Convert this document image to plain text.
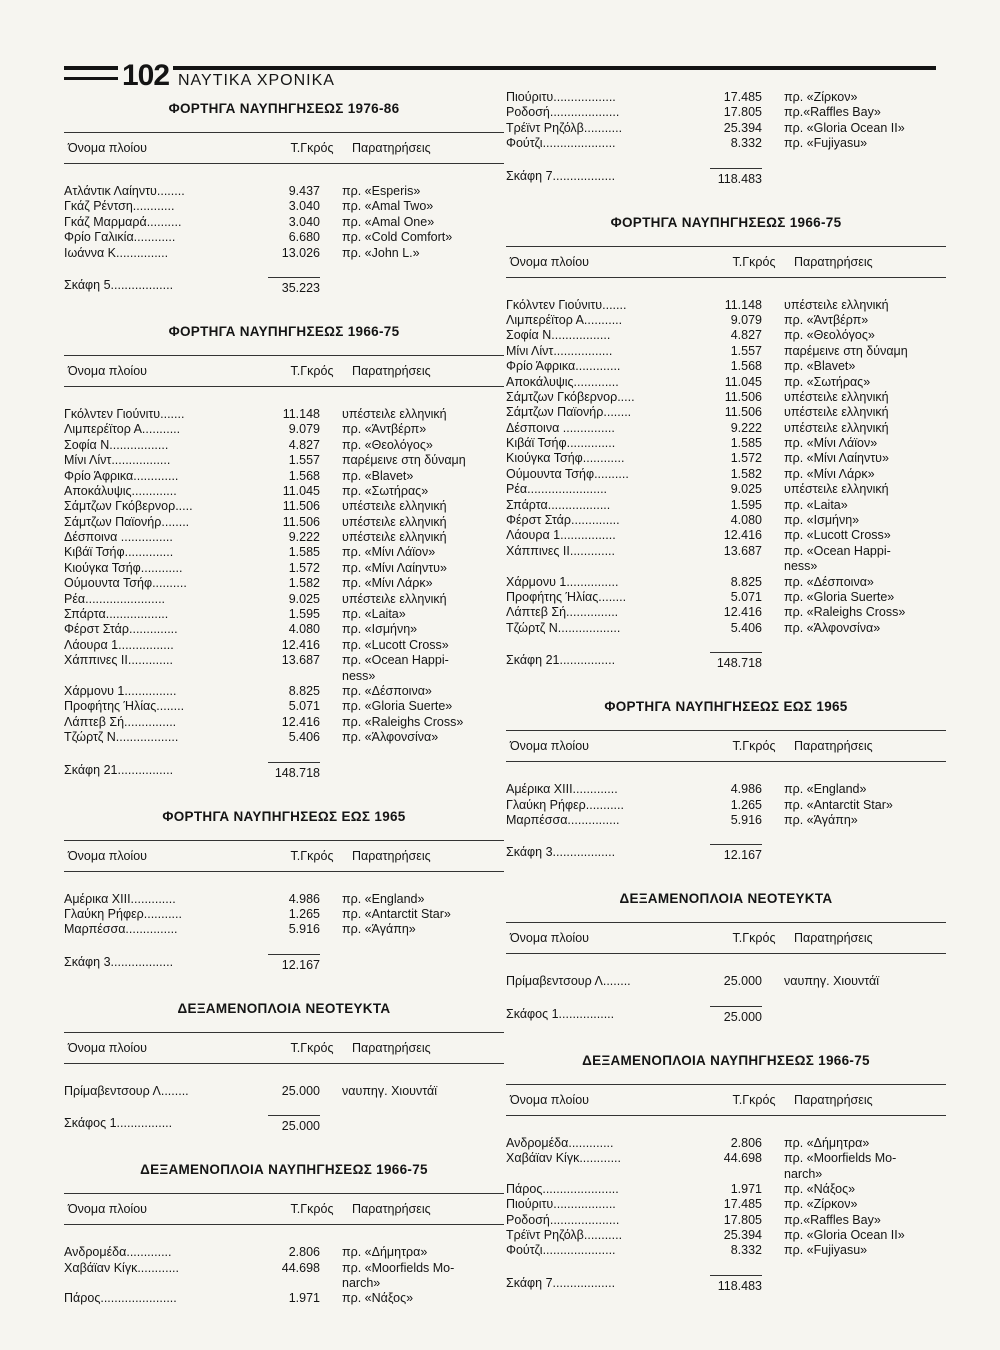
102 ΝΑΥΤΙΚΑ ΧΡΟΝΙΚΑ
ΦΟΡΤΗΓΑ ΝΑΥΠΗΓΗΣΕΩΣ 1976-86
Όνομα πλοίου	Τ.Γκρός	Παρατηρήσεις
Ατλάντικ Λαίηντυ........	9.437	πρ. «Esperis»
Γκάζ Ρέντση............	3.040	πρ. «Amal Two»
Γκάζ Μαρμαρά..........	3.040	πρ. «Amal One»
Φρίο Γαλικία............	6.680	πρ. «Cold Comfort»
Ιωάννα Κ...............	13.026	πρ. «John L.»
Σκάφη 5..................	35.223
ΦΟΡΤΗΓΑ ΝΑΥΠΗΓΗΣΕΩΣ 1966-75
Όνομα πλοίου	Τ.Γκρός	Παρατηρήσεις
Γκόλντεν Γιούνιτυ.......	11.148	υπέστειλε ελληνική
Λιμπερέϊτορ Α...........	9.079	πρ. «Άντβέρπ»
Σοφία Ν.................	4.827	πρ. «Θεολόγος»
Μίνι Λίντ.................	1.557	παρέμεινε στη δύναμη
Φρίο Άφρικα.............	1.568	πρ. «Blavet»
Αποκάλυψις.............	11.045	πρ. «Σωτήρας»
Σάμτζων Γκόβερνορ.....	11.506	υπέστειλε ελληνική
Σάμτζων Παϊονήρ........	11.506	υπέστειλε ελληνική
Δέσποινα ...............	9.222	υπέστειλε ελληνική
Κιβάϊ Τσήφ..............	1.585	πρ. «Μίνι Λάϊον»
Κιούγκα Τσήφ............	1.572	πρ. «Μίνι Λαίηντυ»
Ούμουντα Τσήφ..........	1.582	πρ. «Μίνι Λάρκ»
Ρέα.......................	9.025	υπέστειλε ελληνική
Σπάρτα..................	1.595	πρ. «Laita»
Φέρστ Στάρ..............	4.080	πρ. «Ισμήνη»
Λάουρα 1................	12.416	πρ. «Lucott Cross»
Χάππινες ΙΙ.............	13.687	πρ. «Ocean Happi-
ness»
Χάρμονυ 1...............	8.825	πρ. «Δέσποινα»
Προφήτης Ήλίας........	5.071	πρ. «Gloria Suerte»
Λάπτεβ Σή...............	12.416	πρ. «Raleighs Cross»
Τζώρτζ Ν..................	5.406	πρ. «Άλφονσίνα»
Σκάφη 21................	148.718
ΦΟΡΤΗΓΑ ΝΑΥΠΗΓΗΣΕΩΣ ΕΩΣ 1965
Όνομα πλοίου	Τ.Γκρός	Παρατηρήσεις
Αμέρικα ΧΙΙΙ.............	4.986	πρ. «England»
Γλαύκη Ρήφερ...........	1.265	πρ. «Antarctit Star»
Μαρπέσσα...............	5.916	πρ. «Άγάπη»
Σκάφη 3..................	12.167
ΔΕΞΑΜΕΝΟΠΛΟΙΑ ΝΕΟΤΕΥΚΤΑ
Όνομα πλοίου	Τ.Γκρός	Παρατηρήσεις
Πρίμαβεντσουρ Λ........	25.000	ναυπηγ. Χιουντάϊ
Σκάφος 1................	25.000
ΔΕΞΑΜΕΝΟΠΛΟΙΑ ΝΑΥΠΗΓΗΣΕΩΣ 1966-75
Όνομα πλοίου	Τ.Γκρός	Παρατηρήσεις
Ανδρομέδα.............	2.806	πρ. «Δήμητρα»
Χαβάϊαν Κίγκ............	44.698	πρ. «Moorfields Mo-
narch»
Πάρος......................	1.971	πρ. «Νάξος»
Πιούριτυ..................	17.485	πρ. «Ζίρκον»
Ροδοσή....................	17.805	πρ.«Raffles Bay»
Τρέϊντ Ρηζόλβ...........	25.394	πρ. «Gloria Ocean II»
Φούτζι.....................	8.332	πρ. «Fujiyasu»
Σκάφη 7..................	118.483
ΦΟΡΤΗΓΑ ΝΑΥΠΗΓΗΣΕΩΣ 1966-75
Όνομα πλοίου	Τ.Γκρός	Παρατηρήσεις
Γκόλντεν Γιούνιτυ.......	11.148	υπέστειλε ελληνική
Λιμπερέϊτορ Α...........	9.079	πρ. «Άντβέρπ»
Σοφία Ν.................	4.827	πρ. «Θεολόγος»
Μίνι Λίντ.................	1.557	παρέμεινε στη δύναμη
Φρίο Άφρικα.............	1.568	πρ. «Blavet»
Αποκάλυψις.............	11.045	πρ. «Σωτήρας»
Σάμτζων Γκόβερνορ.....	11.506	υπέστειλε ελληνική
Σάμτζων Παϊονήρ........	11.506	υπέστειλε ελληνική
Δέσποινα ...............	9.222	υπέστειλε ελληνική
Κιβάϊ Τσήφ..............	1.585	πρ. «Μίνι Λάϊον»
Κιούγκα Τσήφ............	1.572	πρ. «Μίνι Λαίηντυ»
Ούμουντα Τσήφ..........	1.582	πρ. «Μίνι Λάρκ»
Ρέα.......................	9.025	υπέστειλε ελληνική
Σπάρτα..................	1.595	πρ. «Laita»
Φέρστ Στάρ..............	4.080	πρ. «Ισμήνη»
Λάουρα 1................	12.416	πρ. «Lucott Cross»
Χάππινες ΙΙ.............	13.687	πρ. «Ocean Happi-
ness»
Χάρμονυ 1...............	8.825	πρ. «Δέσποινα»
Προφήτης Ήλίας........	5.071	πρ. «Gloria Suerte»
Λάπτεβ Σή...............	12.416	πρ. «Raleighs Cross»
Τζώρτζ Ν..................	5.406	πρ. «Άλφονσίνα»
Σκάφη 21................	148.718
ΦΟΡΤΗΓΑ ΝΑΥΠΗΓΗΣΕΩΣ ΕΩΣ 1965
Όνομα πλοίου	Τ.Γκρός	Παρατηρήσεις
Αμέρικα ΧΙΙΙ.............	4.986	πρ. «England»
Γλαύκη Ρήφερ...........	1.265	πρ. «Antarctit Star»
Μαρπέσσα...............	5.916	πρ. «Άγάπη»
Σκάφη 3..................	12.167
ΔΕΞΑΜΕΝΟΠΛΟΙΑ ΝΕΟΤΕΥΚΤΑ
Όνομα πλοίου	Τ.Γκρός	Παρατηρήσεις
Πρίμαβεντσουρ Λ........	25.000	ναυπηγ. Χιουντάϊ
Σκάφος 1................	25.000
ΔΕΞΑΜΕΝΟΠΛΟΙΑ ΝΑΥΠΗΓΗΣΕΩΣ 1966-75
Όνομα πλοίου	Τ.Γκρός	Παρατηρήσεις
Ανδρομέδα.............	2.806	πρ. «Δήμητρα»
Χαβάϊαν Κίγκ............	44.698	πρ. «Moorfields Mo-
narch»
Πάρος......................	1.971	πρ. «Νάξος»
Πιούριτυ..................	17.485	πρ. «Ζίρκον»
Ροδοσή....................	17.805	πρ.«Raffles Bay»
Τρέϊντ Ρηζόλβ...........	25.394	πρ. «Gloria Ocean II»
Φούτζι.....................	8.332	πρ. «Fujiyasu»
Σκάφη 7..................	118.483
